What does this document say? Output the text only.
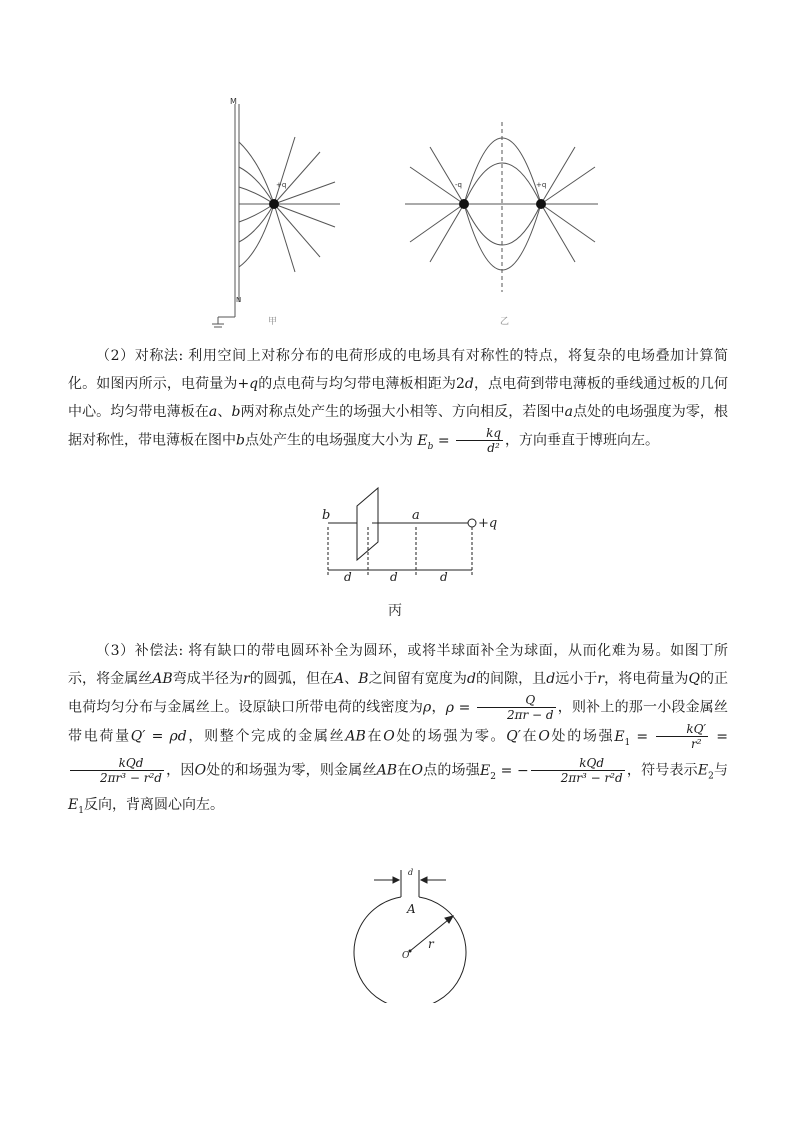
M
+q
N
-q	+q
甲	乙

（2）对称法: 利用空间上对称分布的电荷形成的电场具有对称性的特点，将复杂的电场叠加计算简化。如图丙所示，电荷量为+q的点电荷与均匀带电薄板相距为2d，点电荷到带电薄板的垂线通过板的几何中心。均匀带电薄板在a、b两对称点处产生的场强大小相等、方向相反，若图中a点处的电场强度为零，根据对称性，带电薄板在图中b点处产生的电场强度大小为 $E_b = \frac{kq}{\text{d²}}$ ，方向垂直于博班向左。

b	a
+q
d	d	d
丙

（3）补偿法: 将有缺口的带电圆环补全为圆环，或将半球面补全为球面，从而化难为易。如图丁所示，将金属丝AB弯成半径为r的圆弧，但在A、B之间留有宽度为d的间隙，且d远小于r，将电荷量为Q的正电荷均匀分布与金属丝上。设原缺口所带电荷的线密度为ρ，$\rho = \frac{Q}{2\pi r - d}$ ，则补上的那一小段金属丝带电荷量Q′ = ρd，则整个完成的金属丝AB在O处的场强为零。Q′在O处的场强$E_1 = \frac{kQ'}{\text{r²}}$ =
$\frac{\text{kQd}}{\text{2πr³ − r²d}}$ ，因O处的和场强为零，则金属丝AB在O点的场强$E_2$ = − $\frac{\text{kQd}}{\text{2πr³ − r²d}}$ ，符号表示$E_2$与$E_1$反向，背离圆心向左。

d
A
O
r
